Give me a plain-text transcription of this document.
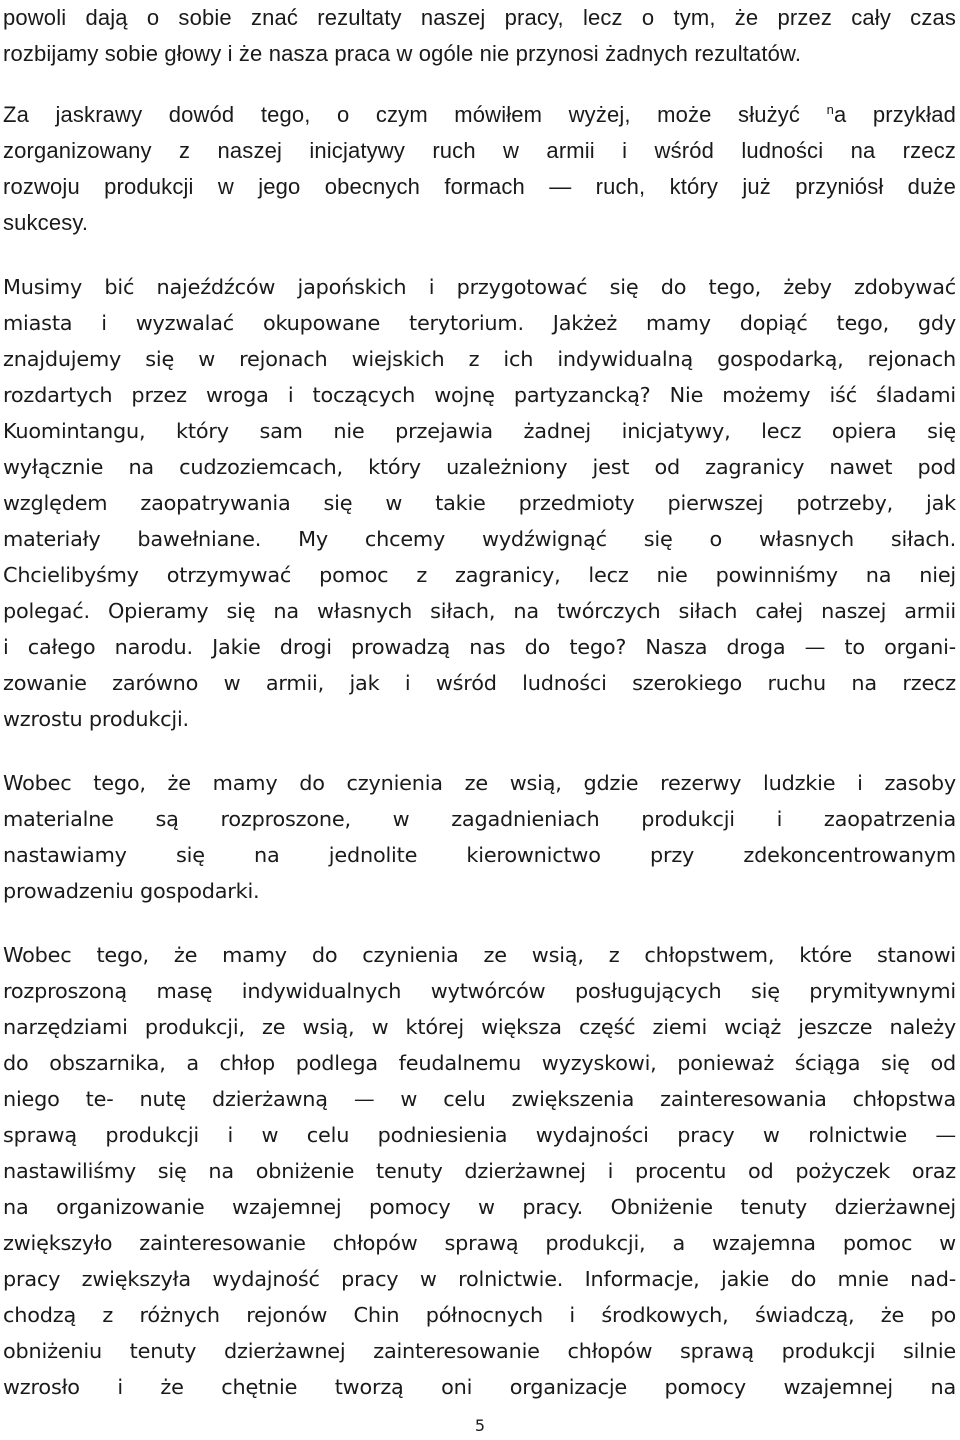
powoli dają o sobie znać rezultaty naszej pracy, lecz o tym, że przez cały czas
rozbijamy sobie głowy i że nasza praca w ogóle nie przynosi żadnych rezultatów.
Za jaskrawy dowód tego, o czym mówiłem wyżej, może służyć $^n$a przykład
zorganizowany z naszej inicjatywy ruch w armii i wśród ludności na rzecz
rozwoju produkcji w jego obecnych formach — ruch, który już przyniósł duże
sukcesy.
Musimy bić najeźdźców japońskich i przygotować się do tego, żeby zdobywać
miasta i wyzwalać okupowane terytorium. Jakżeż mamy dopiąć tego, gdy
znajdujemy się w rejonach wiejskich z ich indywidualną gospodarką, rejonach
rozdartych przez wroga i toczących wojnę partyzancką? Nie możemy iść śladami
Kuomintangu, który sam nie przejawia żadnej inicjatywy, lecz opiera się
wyłącznie na cudzoziemcach, który uzależniony jest od zagranicy nawet pod
względem zaopatrywania się w takie przedmioty pierwszej potrzeby, jak
materiały bawełniane. My chcemy wydźwignąć się o własnych siłach.
Chcielibyśmy otrzymywać pomoc z zagranicy, lecz nie powinniśmy na niej
polegać. Opieramy się na własnych siłach, na twórczych siłach całej naszej armii
i całego narodu. Jakie drogi prowadzą nas do tego? Nasza droga — to organi-
zowanie zarówno w armii, jak i wśród ludności szerokiego ruchu na rzecz
wzrostu produkcji.
Wobec tego, że mamy do czynienia ze wsią, gdzie rezerwy ludzkie i zasoby
materialne są rozproszone, w zagadnieniach produkcji i zaopatrzenia
nastawiamy się na jednolite kierownictwo przy zdekoncentrowanym
prowadzeniu gospodarki.
Wobec tego, że mamy do czynienia ze wsią, z chłopstwem, które stanowi
rozproszoną masę indywidualnych wytwórców posługujących się prymitywnymi
narzędziami produkcji, ze wsią, w której większa część ziemi wciąż jeszcze należy
do obszarnika, a chłop podlega feudalnemu wyzyskowi, ponieważ ściąga się od
niego te- nutę dzierżawną — w celu zwiększenia zainteresowania chłopstwa
sprawą produkcji i w celu podniesienia wydajności pracy w rolnictwie —
nastawiliśmy się na obniżenie tenuty dzierżawnej i procentu od pożyczek oraz
na organizowanie wzajemnej pomocy w pracy. Obniżenie tenuty dzierżawnej
zwiększyło zainteresowanie chłopów sprawą produkcji, a wzajemna pomoc w
pracy zwiększyła wydajność pracy w rolnictwie. Informacje, jakie do mnie nad-
chodzą z różnych rejonów Chin północnych i środkowych, świadczą, że po
obniżeniu tenuty dzierżawnej zainteresowanie chłopów sprawą produkcji silnie
wzrosło i że chętnie tworzą oni organizacje pomocy wzajemnej na
5
